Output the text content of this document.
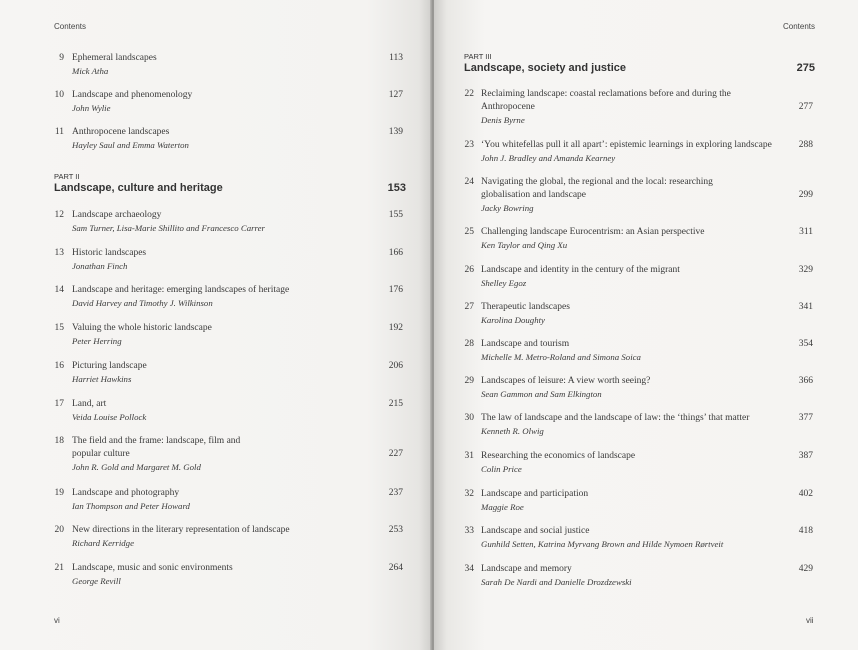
Contents
9 Ephemeral landscapes
Mick Atha
113
10 Landscape and phenomenology
John Wylie
127
11 Anthropocene landscapes
Hayley Saul and Emma Waterton
139
PART II
Landscape, culture and heritage	153
12 Landscape archaeology
Sam Turner, Lisa-Marie Shillito and Francesco Carrer
155
13 Historic landscapes
Jonathan Finch
166
14 Landscape and heritage: emerging landscapes of heritage
David Harvey and Timothy J. Wilkinson
176
15 Valuing the whole historic landscape
Peter Herring
192
16 Picturing landscape
Harriet Hawkins
206
17 Land, art
Veida Louise Pollock
215
18 The field and the frame: landscape, film and
popular culture
John R. Gold and Margaret M. Gold
227
19 Landscape and photography
Ian Thompson and Peter Howard
237
20 New directions in the literary representation of landscape
Richard Kerridge
253
21 Landscape, music and sonic environments
George Revill
264
vi
Contents
PART III
Landscape, society and justice	275
22 Reclaiming landscape: coastal reclamations before and during the
Anthropocene
Denis Byrne
277
23 ‘You whitefellas pull it all apart’: epistemic learnings in exploring landscape
John J. Bradley and Amanda Kearney
288
24 Navigating the global, the regional and the local: researching
globalisation and landscape
Jacky Bowring
299
25 Challenging landscape Eurocentrism: an Asian perspective
Ken Taylor and Qing Xu
311
26 Landscape and identity in the century of the migrant
Shelley Egoz
329
27 Therapeutic landscapes
Karolina Doughty
341
28 Landscape and tourism
Michelle M. Metro-Roland and Simona Soica
354
29 Landscapes of leisure: A view worth seeing?
Sean Gammon and Sam Elkington
366
30 The law of landscape and the landscape of law: the ‘things’ that matter
Kenneth R. Olwig
377
31 Researching the economics of landscape
Colin Price
387
32 Landscape and participation
Maggie Roe
402
33 Landscape and social justice
Gunhild Setten, Katrina Myrvang Brown and Hilde Nymoen Rørtveit
418
34 Landscape and memory
Sarah De Nardi and Danielle Drozdzewski
429
vii
